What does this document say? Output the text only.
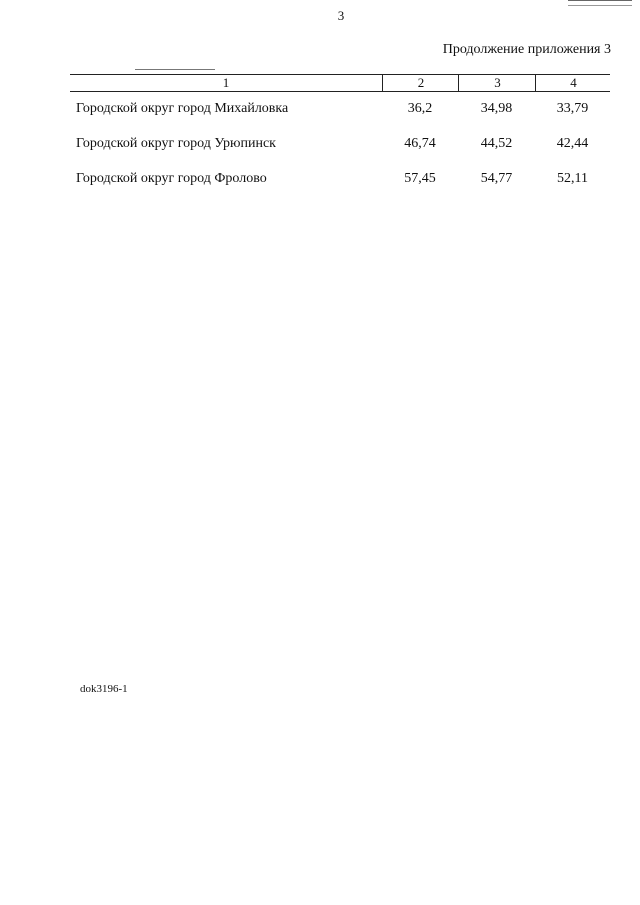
3
Продолжение приложения 3
1	2	3	4
Городской округ город Михайловка	36,2	34,98	33,79
Городской округ город Урюпинск	46,74	44,52	42,44
Городской округ город Фролово	57,45	54,77	52,11
dok3196-1
